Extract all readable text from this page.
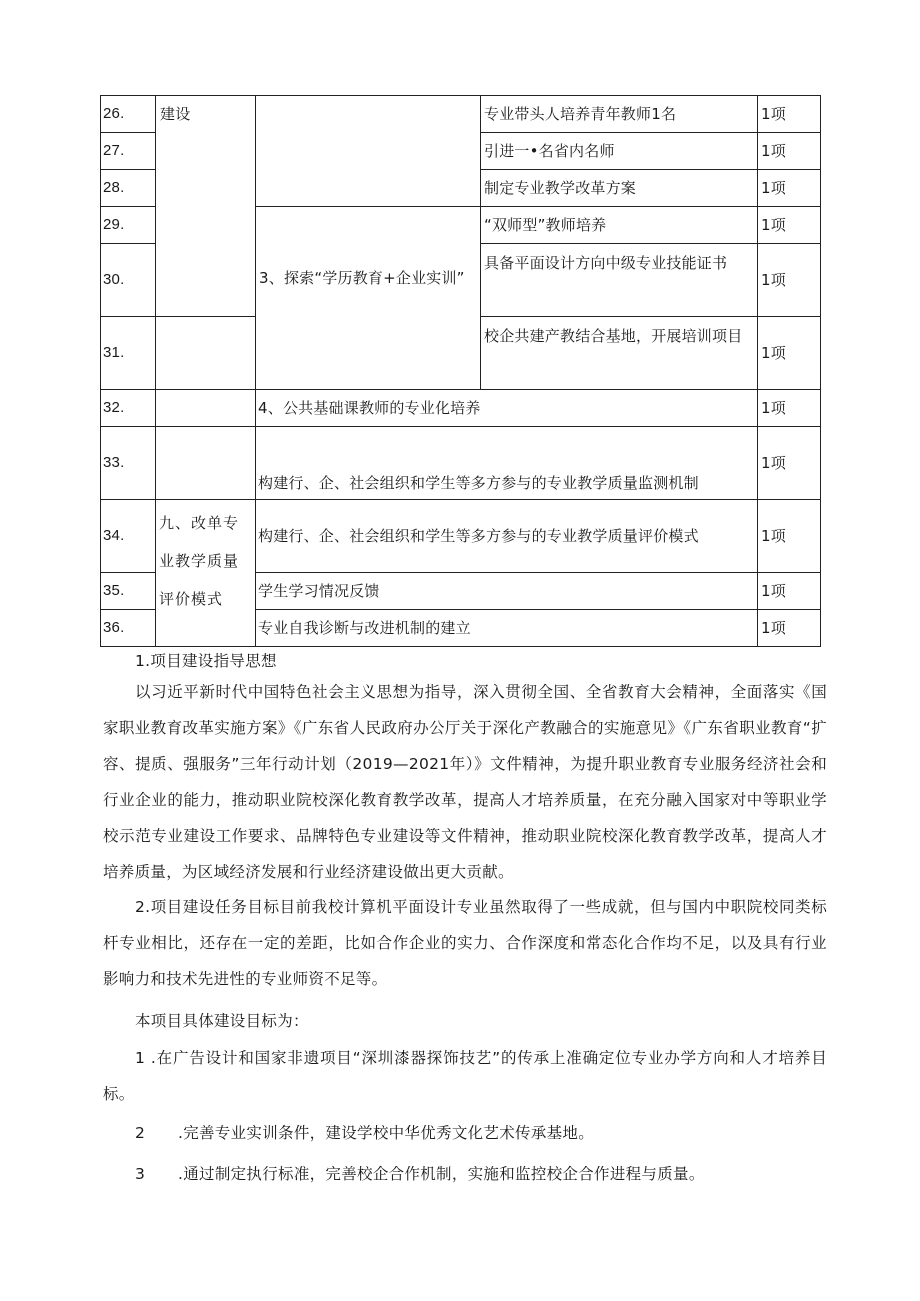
26.
27.
28.
29.
30.
31.
32.
33.
34.
35.
36.
建设
九、改单专业教学质量评价模式
3、探索“学历教育+企业实训”
专业带头人培养青年教师1名
引进一•名省内名师
制定专业教学改革方案
“双师型”教师培养
具备平面设计方向中级专业技能证书
校企共建产教结合基地，开展培训项目
4、公共基础课教师的专业化培养
构建行、企、社会组织和学生等多方参与的专业教学质量监测机制
构建行、企、社会组织和学生等多方参与的专业教学质量评价模式
学生学习情况反馈
专业自我诊断与改进机制的建立
1项
1项
1项
1项
1项
1项
1项
1项
1项
1项
1项
1.项目建设指导思想
以习近平新时代中国特色社会主义思想为指导，深入贯彻全国、全省教育大会精神，全面落实《国家职业教育改革实施方案》《广东省人民政府办公厅关于深化产教融合的实施意见》《广东省职业教育“扩容、提质、强服务”三年行动计划（2019—2021年）》文件精神，为提升职业教育专业服务经济社会和行业企业的能力，推动职业院校深化教育教学改革，提高人才培养质量，在充分融入国家对中等职业学校示范专业建设工作要求、品牌特色专业建设等文件精神，推动职业院校深化教育教学改革，提高人才培养质量，为区域经济发展和行业经济建设做出更大贡献。
2.项目建设任务目标目前我校计算机平面设计专业虽然取得了一些成就，但与国内中职院校同类标杆专业相比，还存在一定的差距，比如合作企业的实力、合作深度和常态化合作均不足，以及具有行业影响力和技术先进性的专业师资不足等。
本项目具体建设目标为：
1 .在广告设计和国家非遗项目“深圳漆器探饰技艺”的传承上准确定位专业办学方向和人才培养目标。
2 .完善专业实训条件，建设学校中华优秀文化艺术传承基地。
3 .通过制定执行标准，完善校企合作机制，实施和监控校企合作进程与质量。
